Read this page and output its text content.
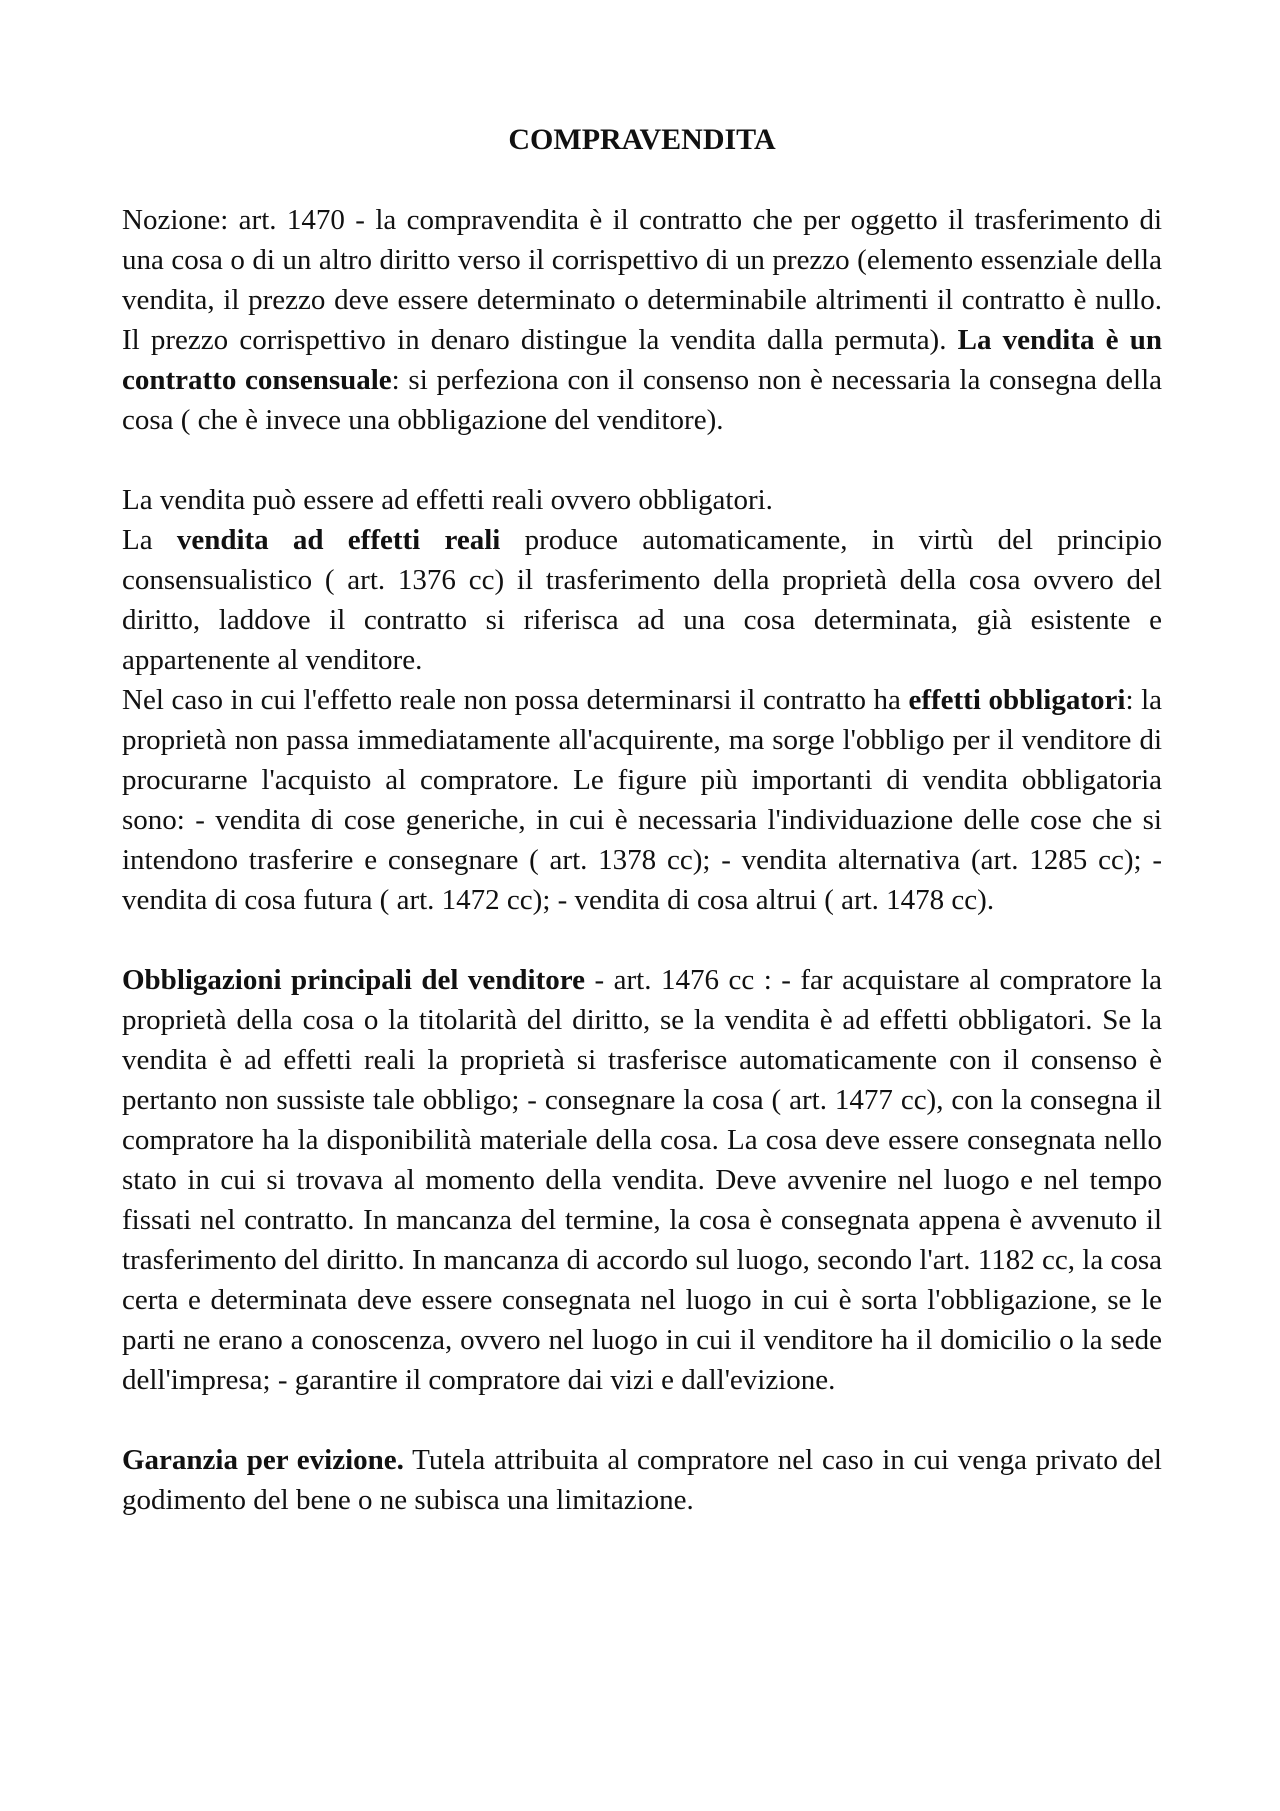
COMPRAVENDITA

Nozione: art. 1470 - la compravendita è il contratto che per oggetto il trasferimento di una cosa o di un altro diritto verso il corrispettivo di un prezzo (elemento essenziale della vendita, il prezzo deve essere determinato o determinabile altrimenti il contratto è nullo. Il prezzo corrispettivo in denaro distingue la vendita dalla permuta). La vendita è un contratto consensuale: si perfeziona con il consenso non è necessaria la consegna della cosa ( che è invece una obbligazione del venditore).

La vendita può essere ad effetti reali ovvero obbligatori.

La vendita ad effetti reali produce automaticamente, in virtù del principio consensualistico ( art. 1376 cc) il trasferimento della proprietà della cosa ovvero del diritto, laddove il contratto si riferisca ad una cosa determinata, già esistente e appartenente al venditore.

Nel caso in cui l'effetto reale non possa determinarsi il contratto ha effetti obbligatori: la proprietà non passa immediatamente all'acquirente, ma sorge l'obbligo per il venditore di procurarne l'acquisto al compratore. Le figure più importanti di vendita obbligatoria sono: - vendita di cose generiche, in cui è necessaria l'individuazione delle cose che si intendono trasferire e consegnare ( art. 1378 cc); - vendita alternativa (art. 1285 cc); - vendita di cosa futura ( art. 1472 cc); - vendita di cosa altrui ( art. 1478 cc).

Obbligazioni principali del venditore - art. 1476 cc : - far acquistare al compratore la proprietà della cosa o la titolarità del diritto, se la vendita è ad effetti obbligatori. Se la vendita è ad effetti reali la proprietà si trasferisce automaticamente con il consenso è pertanto non sussiste tale obbligo; - consegnare la cosa ( art. 1477 cc), con la consegna il compratore ha la disponibilità materiale della cosa. La cosa deve essere consegnata nello stato in cui si trovava al momento della vendita. Deve avvenire nel luogo e nel tempo fissati nel contratto. In mancanza del termine, la cosa è consegnata appena è avvenuto il trasferimento del diritto. In mancanza di accordo sul luogo, secondo l'art. 1182 cc, la cosa certa e determinata deve essere consegnata nel luogo in cui è sorta l'obbligazione, se le parti ne erano a conoscenza, ovvero nel luogo in cui il venditore ha il domicilio o la sede dell'impresa; - garantire il compratore dai vizi e dall'evizione.

Garanzia per evizione. Tutela attribuita al compratore nel caso in cui venga privato del godimento del bene o ne subisca una limitazione.
